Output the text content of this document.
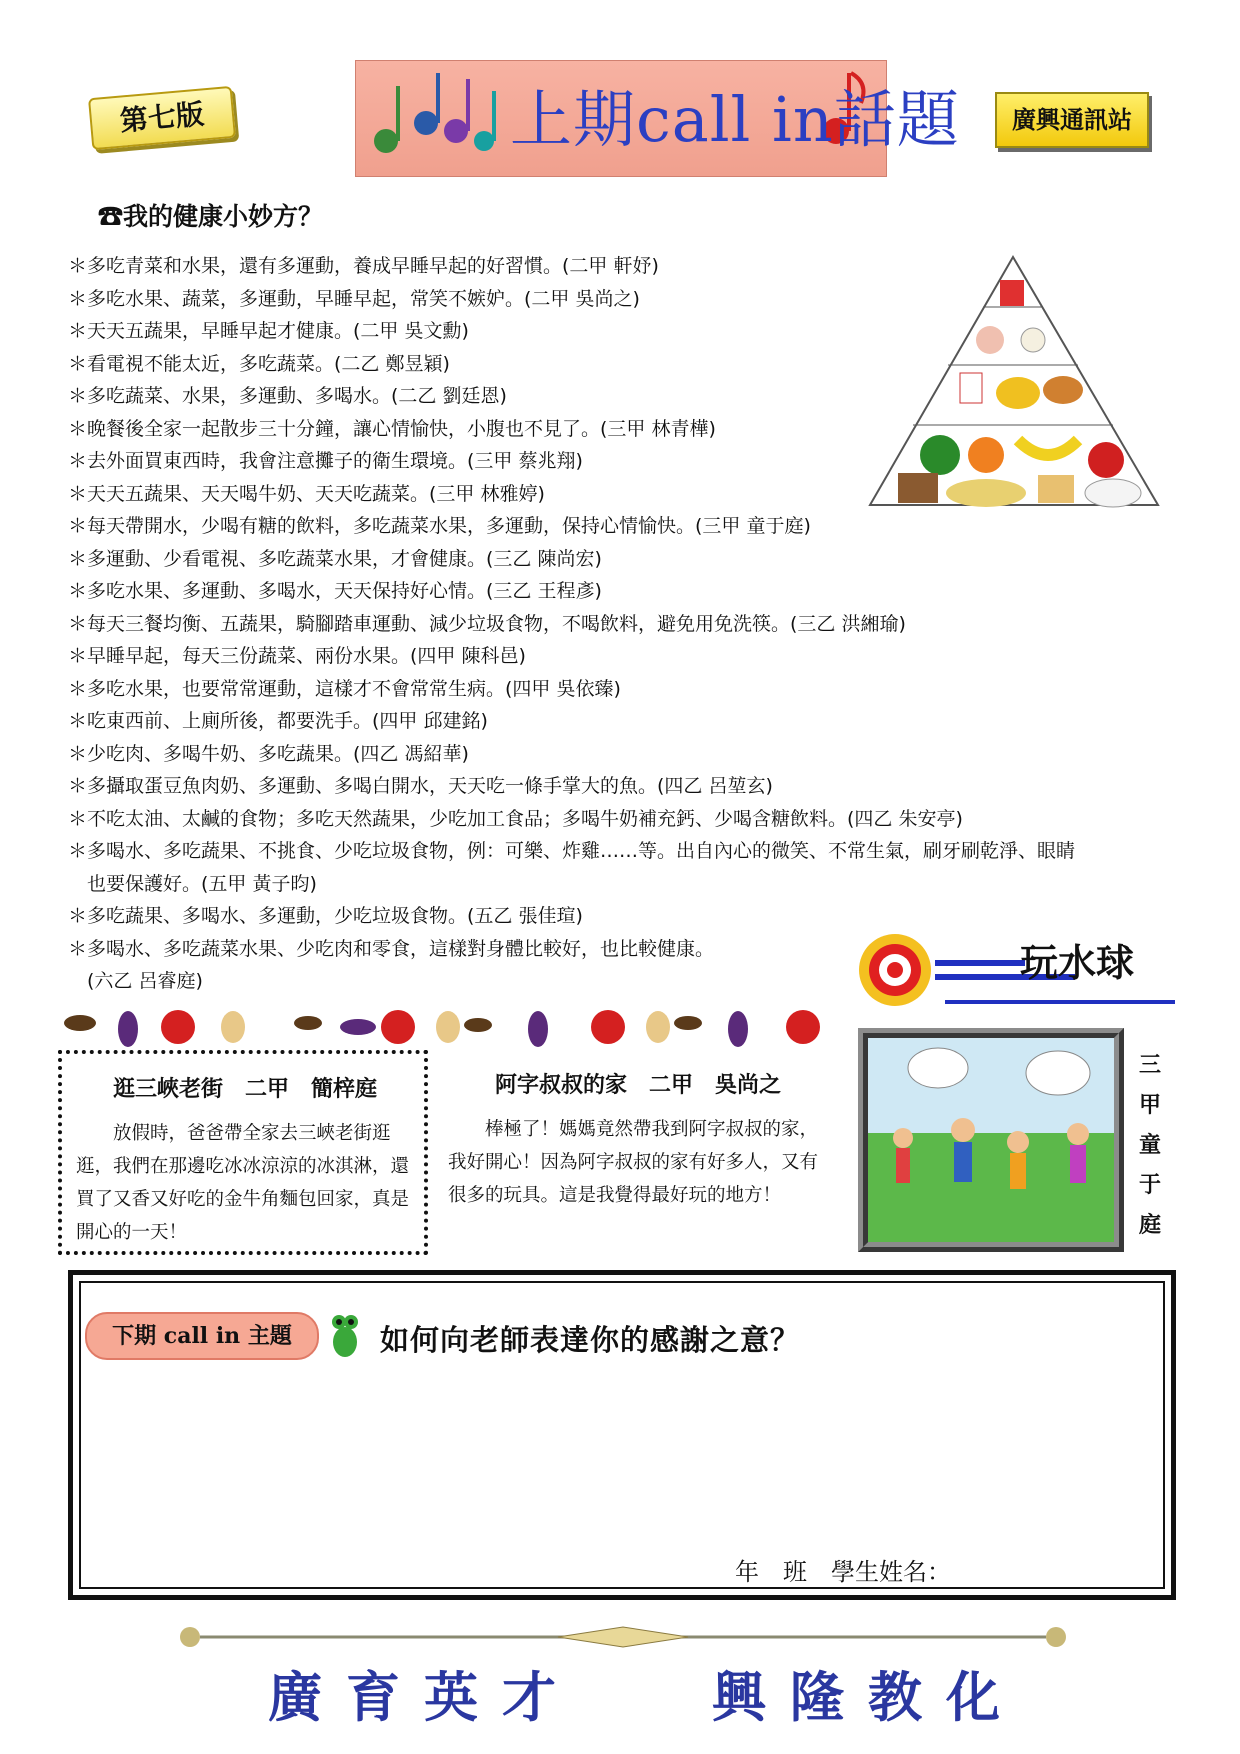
第七版	上期call in話題	廣興通訊站
☎我的健康小妙方？
＊多吃青菜和水果，還有多運動，養成早睡早起的好習慣。(二甲 軒妤)
＊多吃水果、蔬菜，多運動，早睡早起，常笑不嫉妒。(二甲 吳尚之)
＊天天五蔬果，早睡早起才健康。(二甲 吳文勳)
＊看電視不能太近，多吃蔬菜。(二乙 鄭昱穎)
＊多吃蔬菜、水果，多運動、多喝水。(二乙 劉廷恩)
＊晚餐後全家一起散步三十分鐘，讓心情愉快，小腹也不見了。(三甲 林青樺)
＊去外面買東西時，我會注意攤子的衛生環境。(三甲 蔡兆翔)
＊天天五蔬果、天天喝牛奶、天天吃蔬菜。(三甲 林雅婷)
＊每天帶開水，少喝有糖的飲料，多吃蔬菜水果，多運動，保持心情愉快。(三甲 童于庭)
＊多運動、少看電視、多吃蔬菜水果，才會健康。(三乙 陳尚宏)
＊多吃水果、多運動、多喝水，天天保持好心情。(三乙 王程彥)
＊每天三餐均衡、五蔬果，騎腳踏車運動、減少垃圾食物，不喝飲料，避免用免洗筷。(三乙 洪緗瑜)
＊早睡早起，每天三份蔬菜、兩份水果。(四甲 陳科邑)
＊多吃水果，也要常常運動，這樣才不會常常生病。(四甲 吳依臻)
＊吃東西前、上廁所後，都要洗手。(四甲 邱建銘)
＊少吃肉、多喝牛奶、多吃蔬果。(四乙 馮紹華)
＊多攝取蛋豆魚肉奶、多運動、多喝白開水，天天吃一條手掌大的魚。(四乙 呂堃玄)
＊不吃太油、太鹹的食物；多吃天然蔬果，少吃加工食品；多喝牛奶補充鈣、少喝含糖飲料。(四乙 朱安亭)
＊多喝水、多吃蔬果、不挑食、少吃垃圾食物，例：可樂、炸雞……等。出自內心的微笑、不常生氣，刷牙刷乾淨、眼睛
　也要保護好。(五甲 黃子昀)
＊多吃蔬果、多喝水、多運動，少吃垃圾食物。(五乙 張佳瑄)
＊多喝水、多吃蔬菜水果、少吃肉和零食，這樣對身體比較好，也比較健康。
　(六乙 呂睿庭)
逛三峽老街　二甲　簡梓庭
放假時，爸爸帶全家去三峽老街逛逛，我們在那邊吃冰冰涼涼的冰淇淋，還買了又香又好吃的金牛角麵包回家，真是開心的一天！
阿字叔叔的家　二甲　吳尚之
棒極了！媽媽竟然帶我到阿字叔叔的家，我好開心！因為阿字叔叔的家有好多人，又有很多的玩具。這是我覺得最好玩的地方！
玩水球
三
甲
童
于
庭
下期 call in 主題	如何向老師表達你的感謝之意？
年　班　學生姓名：
廣育英才 興隆教化
